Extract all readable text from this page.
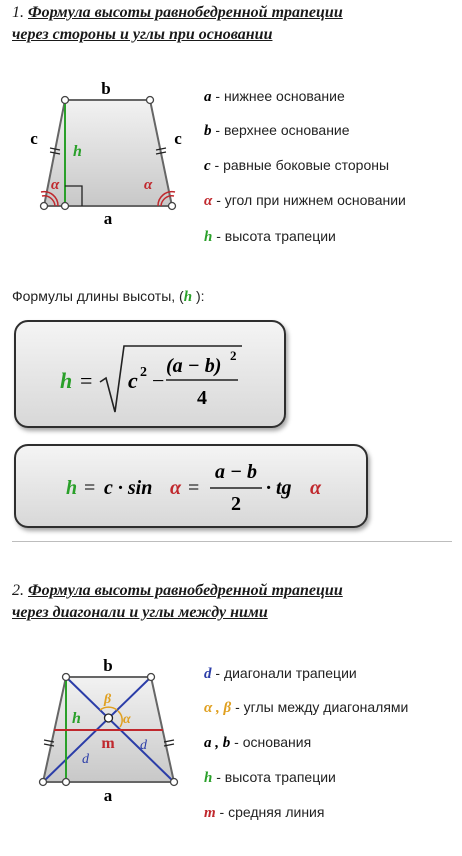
1. Формула высоты равнобедренной трапеции
через стороны и углы при основании
b
a
c	c
h
α	α
a - нижнее основание
b - верхнее основание
c - равные боковые стороны
α - угол при нижнем основании
h - высота трапеции
Формулы длины высоты, (h ):
h = c 2 −
(a − b) 2
4
h = c · sin α =
a − b
2
· tg α
2. Формула высоты равнобедренной трапеции
через диагонали и углы между ними
b
a
h
m
d
d
β
α
d - диагонали трапеции
α , β - углы между диагоналями
a , b - основания
h - высота трапеции
m - средняя линия
